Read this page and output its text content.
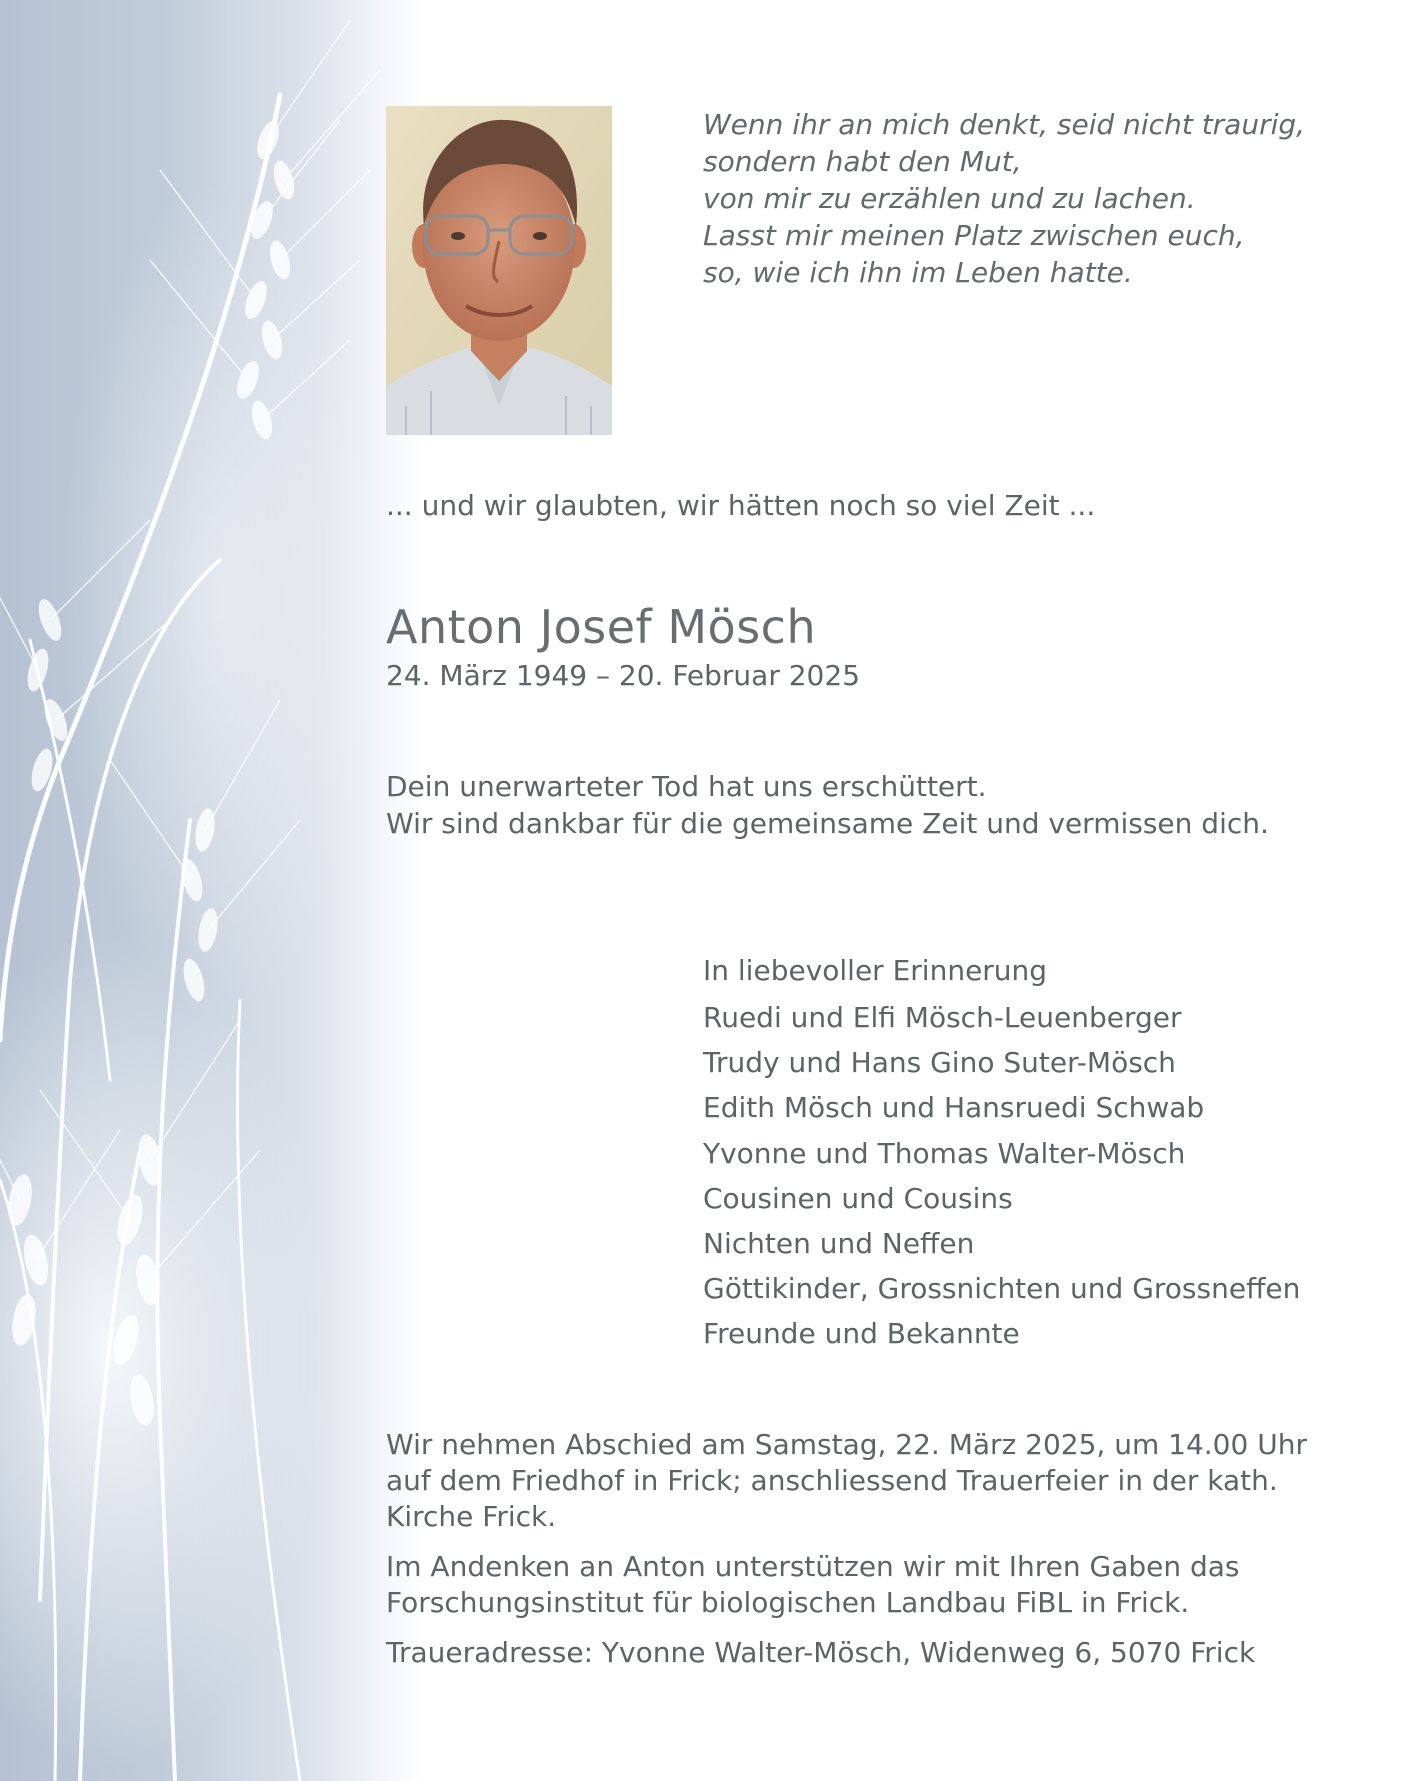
Wenn ihr an mich denkt, seid nicht traurig,
sondern habt den Mut,
von mir zu erzählen und zu lachen.
Lasst mir meinen Platz zwischen euch,
so, wie ich ihn im Leben hatte.
... und wir glaubten, wir hätten noch so viel Zeit ...
Anton Josef Mösch
24. März 1949 – 20. Februar 2025
Dein unerwarteter Tod hat uns erschüttert.
Wir sind dankbar für die gemeinsame Zeit und vermissen dich.
In liebevoller Erinnerung
Ruedi und Elfi Mösch-Leuenberger
Trudy und Hans Gino Suter-Mösch
Edith Mösch und Hansruedi Schwab
Yvonne und Thomas Walter-Mösch
Cousinen und Cousins
Nichten und Neffen
Göttikinder, Grossnichten und Grossneffen
Freunde und Bekannte

Wir nehmen Abschied am Samstag, 22. März 2025, um 14.00 Uhr
auf dem Friedhof in Frick; anschliessend Trauerfeier in der kath.
Kirche Frick.

Im Andenken an Anton unterstützen wir mit Ihren Gaben das
Forschungsinstitut für biologischen Landbau FiBL in Frick.

Traueradresse: Yvonne Walter-Mösch, Widenweg 6, 5070 Frick
